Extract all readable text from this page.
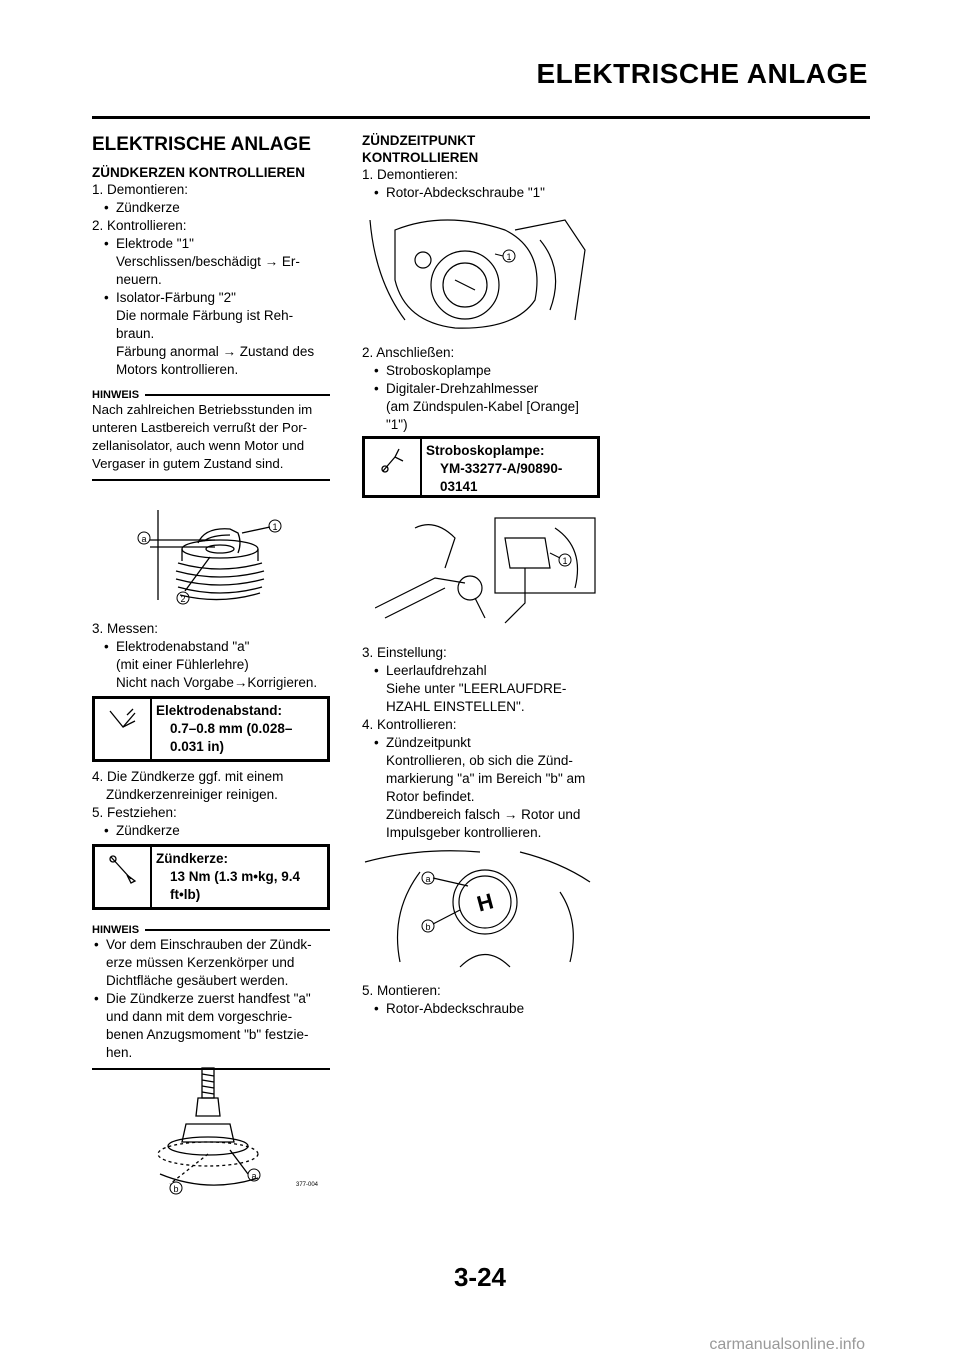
ELEKTRISCHE ANLAGE
ELEKTRISCHE ANLAGE
ZÜNDKERZEN KONTROLLIEREN
1. Demontieren:
• Zündkerze
2. Kontrollieren:
• Elektrode "1"
Verschlissen/beschädigt → Er-
neuern.
• Isolator-Färbung "2"
Die normale Färbung ist Reh-
braun.
Färbung anormal → Zustand des
Motors kontrollieren.
HINWEIS
Nach zahlreichen Betriebsstunden im
unteren Lastbereich verrußt der Por-
zellanisolator, auch wenn Motor und
Vergaser in gutem Zustand sind.
a
1
2
3. Messen:
• Elektrodenabstand "a"
(mit einer Fühlerlehre)
Nicht nach Vorgabe→Korrigieren.
Elektrodenabstand:
0.7–0.8 mm (0.028–
0.031 in)
4. Die Zündkerze ggf. mit einem
Zündkerzenreiniger reinigen.
5. Festziehen:
• Zündkerze
Zündkerze:
13 Nm (1.3 m•kg, 9.4
ft•lb)
HINWEIS
• Vor dem Einschrauben der Zündk-
erze müssen Kerzenkörper und
Dichtfläche gesäubert werden.
• Die Zündkerze zuerst handfest "a"
und dann mit dem vorgeschrie-
benen Anzugsmoment "b" festzie-
hen.
a
b	377-004
ZÜNDZEITPUNKT
KONTROLLIEREN
1. Demontieren:
• Rotor-Abdeckschraube "1"
1
2. Anschließen:
• Stroboskoplampe
• Digitaler-Drehzahlmesser
(am Zündspulen-Kabel [Orange]
"1")
Stroboskoplampe:
YM-33277-A/90890-
03141
1
3. Einstellung:
• Leerlaufdrehzahl
Siehe unter "LEERLAUFDRE-
HZAHL EINSTELLEN".
4. Kontrollieren:
• Zündzeitpunkt
Kontrollieren, ob sich die Zünd-
markierung "a" im Bereich "b" am
Rotor befindet.
Zündbereich falsch → Rotor und
Impulsgeber kontrollieren.
H
a
b
5. Montieren:
• Rotor-Abdeckschraube
3-24
carmanualsonline.info
